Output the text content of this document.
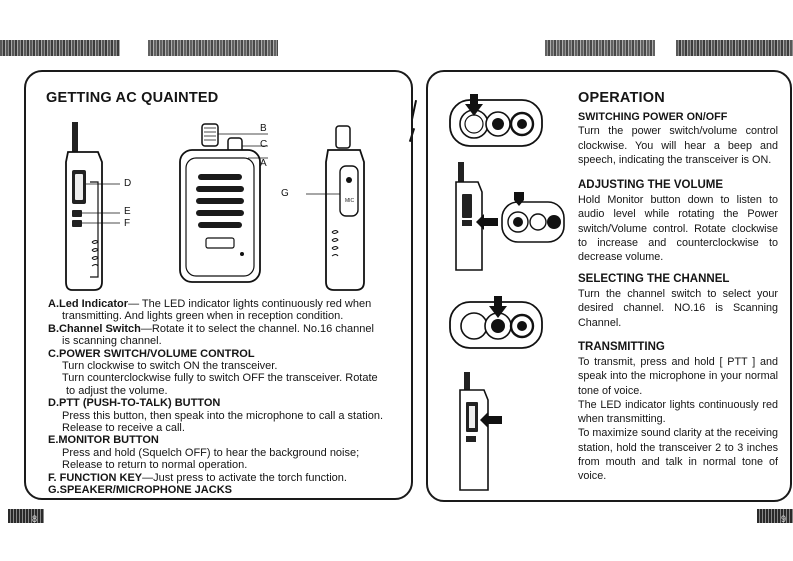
8	9
GETTING AC QUAINTED
D
E
F
B
C
A
G
MIC
A.Led Indicator— The LED indicator lights continuously red when
transmitting. And lights green when in reception condition.
B.Channel Switch—Rotate it to select the channel. No.16 channel
is scanning channel.
C.POWER SWITCH/VOLUME CONTROL
Turn clockwise to switch ON the transceiver.
Turn counterclockwise fully to switch OFF the transceiver. Rotate
to adjust the volume.
D.PTT (PUSH-TO-TALK) BUTTON
Press this button, then speak into the microphone to call a station.
Release to receive a call.
E.MONITOR BUTTON
Press and hold (Squelch OFF) to hear the background noise;
Release to return to normal operation.
F. FUNCTION KEY—Just press to activate the torch function.
G.SPEAKER/MICROPHONE JACKS
OPERATION
SWITCHING POWER ON/OFF

Turn the power switch/volume control clockwise. You will hear a beep and speech, indicating the transceiver is ON.

ADJUSTING THE VOLUME

Hold Monitor button down to listen to audio level while rotating the Power switch/Volume control. Rotate clockwise to increase and counterclockwise to decrease volume.

SELECTING THE CHANNEL

Turn the channel switch to select your desired channel. NO.16 is Scanning Channel.

TRANSMITTING

To transmit, press and hold [ PTT ] and speak into the microphone in your normal tone of voice.

The LED indicator lights continuously red when transmitting.

To maximize sound clarity at the receiving station, hold the transceiver 2 to 3 inches from mouth and talk in normal tone of voice.
